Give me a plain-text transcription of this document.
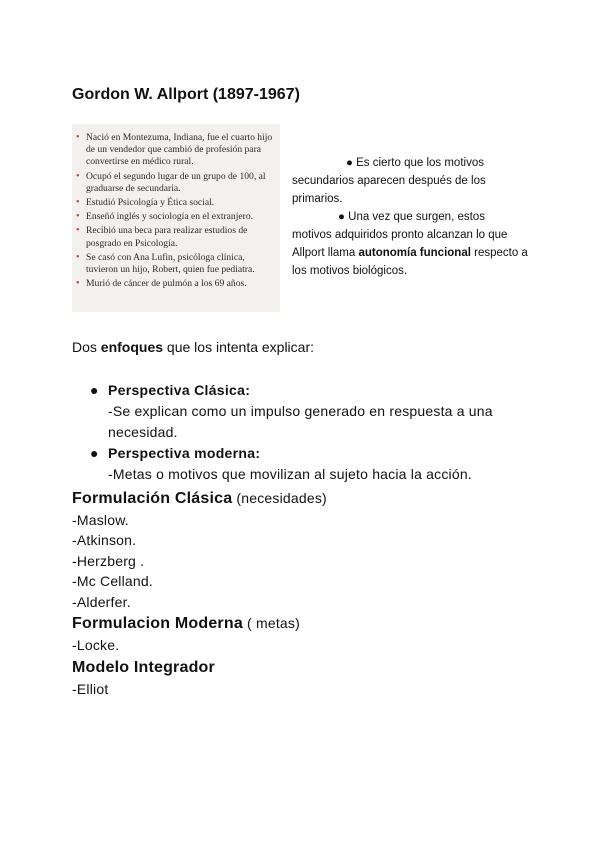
Gordon W. Allport (1897-1967)
• Nació en Montezuma, Indiana, fue el cuarto hijo de un vendedor que cambió de profesión para convertirse en médico rural.
• Ocupó el segundo lugar de un grupo de 100, al graduarse de secundaria.
• Estudió Psicología y Ética social.
• Enseñó inglés y sociología en el extranjero.
• Recibió una beca para realizar estudios de posgrado en Psicología.
• Se casó con Ana Lufin, psicóloga clínica, tuvieron un hijo, Robert, quien fue pediatra.
• Murió de cáncer de pulmón a los 69 años.

● Es cierto que los motivos

secundarios aparecen después de los primarios.

● Una vez que surgen, estos

motivos adquiridos pronto alcanzan lo que Allport llama autonomía funcional respecto a los motivos biológicos.

Dos enfoques que los intenta explicar:
● Perspectiva Clásica:
-Se explican como un impulso generado en respuesta a una necesidad.
● Perspectiva moderna:
-Metas o motivos que movilizan al sujeto hacia la acción.
Formulación Clásica (necesidades)
-Maslow.
-Atkinson.
-Herzberg .
-Mc Celland.
-Alderfer.
Formulacion Moderna ( metas)
-Locke.
Modelo Integrador
-Elliot
